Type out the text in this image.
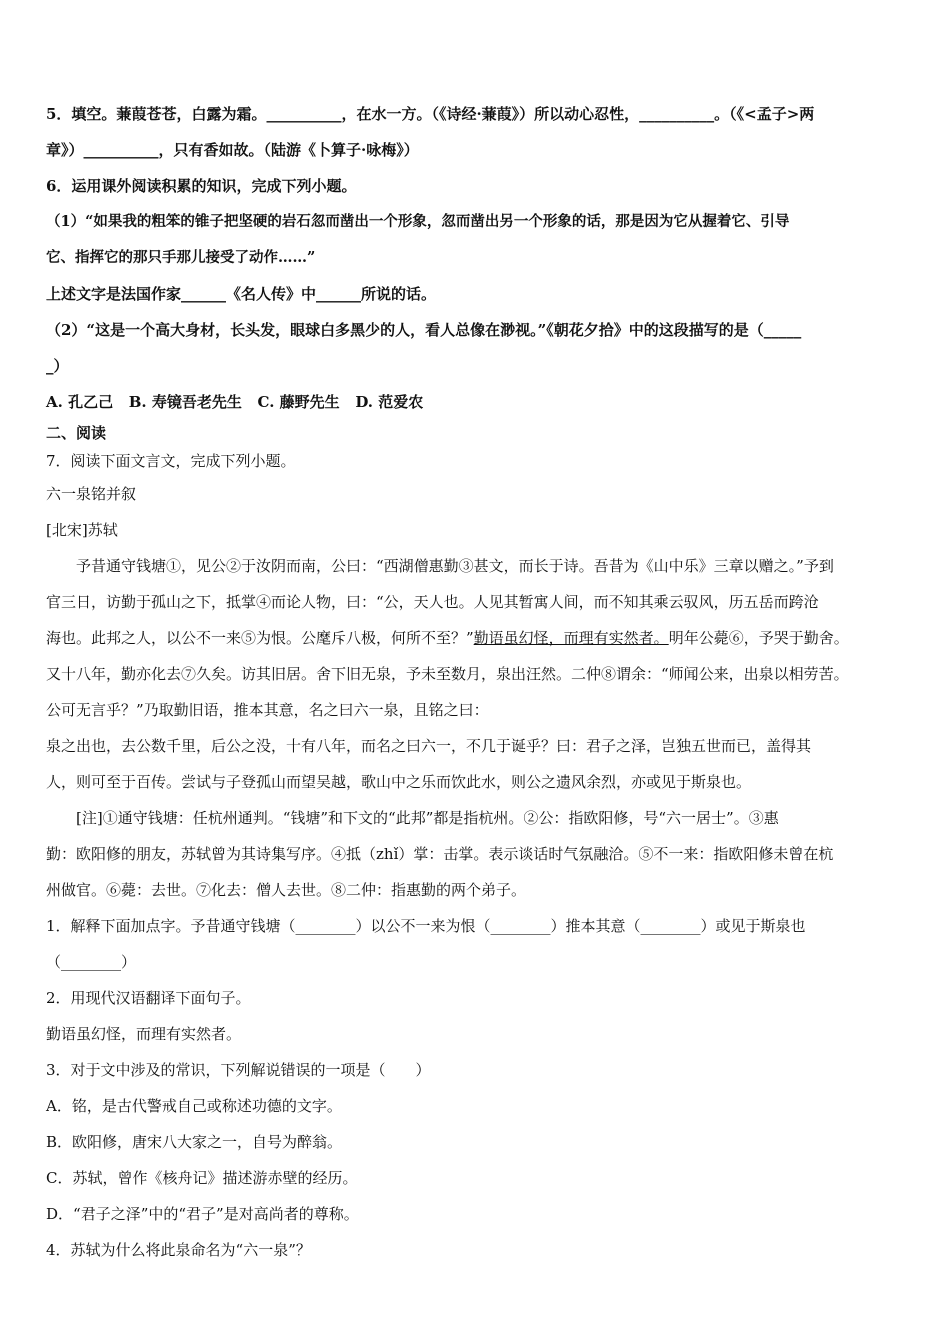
5．填空。蒹葭苍苍，白露为霜。__________，在水一方。（《诗经·蒹葭》）所以动心忍性，__________。（《<孟子>两
章》）__________，只有香如故。（陆游《卜算子·咏梅》）
6．运用课外阅读积累的知识，完成下列小题。
（1）“如果我的粗笨的锥子把坚硬的岩石忽而凿出一个形象，忽而凿出另一个形象的话，那是因为它从握着它、引导
它、指挥它的那只手那儿接受了动作……”
上述文字是法国作家______《名人传》中______所说的话。
（2）“这是一个高大身材，长头发，眼球白多黑少的人，看人总像在渺视。”《朝花夕拾》中的这段描写的是（_____
_）
A. 孔乙己   B. 寿镜吾老先生   C. 藤野先生   D. 范爱农
二、阅读
7．阅读下面文言文，完成下列小题。
六一泉铭并叙
[北宋]苏轼
予昔通守钱塘①，见公②于汝阴而南，公曰：“西湖僧惠勤③甚文，而长于诗。吾昔为《山中乐》三章以赠之。”予到
官三日，访勤于孤山之下，抵掌④而论人物，曰：“公，天人也。人见其暂寓人间，而不知其乘云驭风，历五岳而跨沧
海也。此邦之人，以公不一来⑤为恨。公麾斥八极，何所不至？”勤语虽幻怪，而理有实然者。明年公薨⑥，予哭于勤舍。
又十八年，勤亦化去⑦久矣。访其旧居。舍下旧无泉，予未至数月，泉出汪然。二仲⑧谓余：“师闻公来，出泉以相劳苦。
公可无言乎？”乃取勤旧语，推本其意，名之曰六一泉，且铭之曰：
泉之出也，去公数千里，后公之没，十有八年，而名之曰六一，不几于诞乎？曰：君子之泽，岂独五世而已，盖得其
人，则可至于百传。尝试与子登孤山而望吴越，歌山中之乐而饮此水，则公之遗风余烈，亦或见于斯泉也。
[注]①通守钱塘：任杭州通判。“钱塘”和下文的“此邦”都是指杭州。②公：指欧阳修，号“六一居士”。③惠
勤：欧阳修的朋友，苏轼曾为其诗集写序。④抵（zhǐ）掌：击掌。表示谈话时气氛融洽。⑤不一来：指欧阳修未曾在杭
州做官。⑥薨：去世。⑦化去：僧人去世。⑧二仲：指惠勤的两个弟子。
1．解释下面加点字。予昔通守钱塘（________）以公不一来为恨（________）推本其意（________）或见于斯泉也
（________）
2．用现代汉语翻译下面句子。
勤语虽幻怪，而理有实然者。
3．对于文中涉及的常识，下列解说错误的一项是（　　）
A．铭，是古代警戒自己或称述功德的文字。
B．欧阳修，唐宋八大家之一，自号为醉翁。
C．苏轼，曾作《核舟记》描述游赤壁的经历。
D．“君子之泽”中的“君子”是对高尚者的尊称。
4．苏轼为什么将此泉命名为“六一泉”？
